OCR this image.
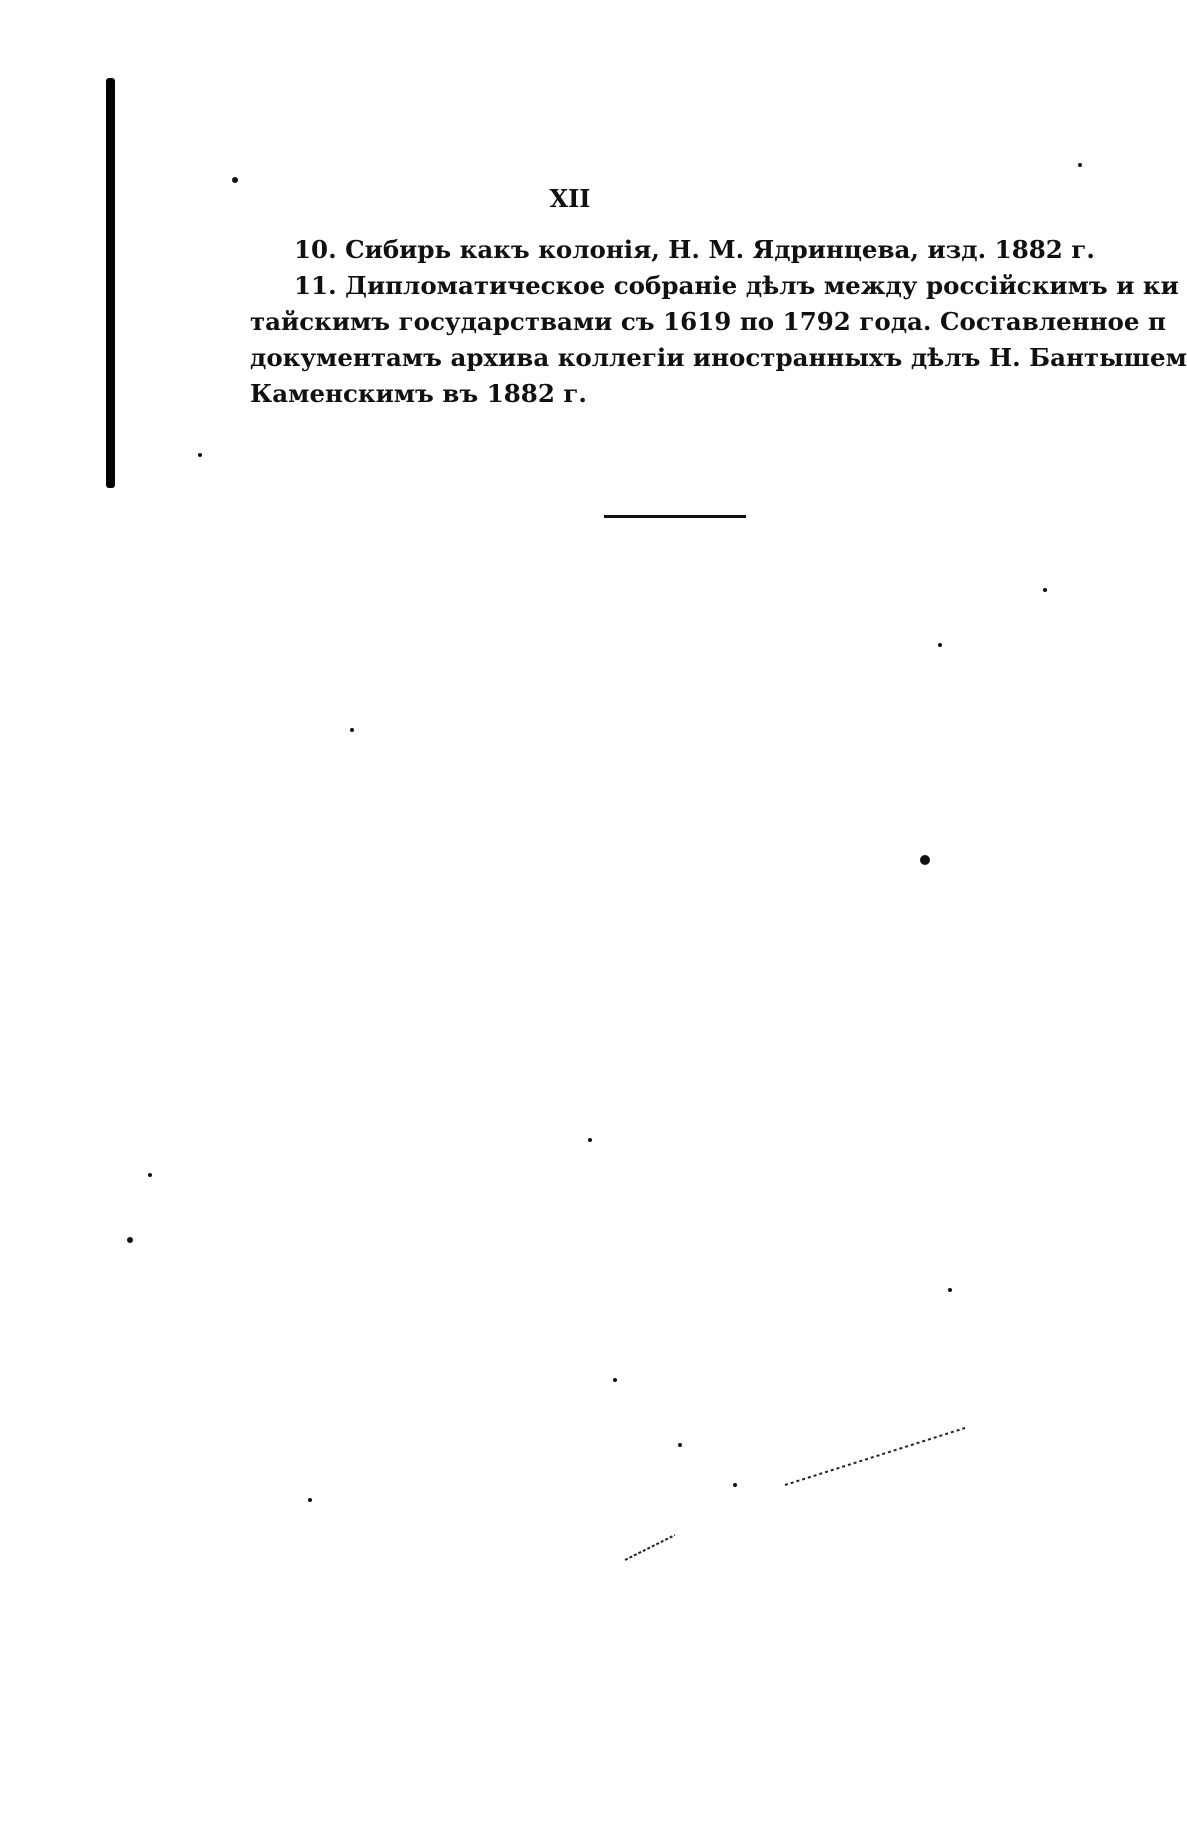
XII
10. Сибирь какъ колонія, Н. М. Ядринцева, изд. 1882 г.
11. Дипломатическое собраніе дѣлъ между россійскимъ и ки
тайскимъ государствами съ 1619 по 1792 года. Составленное п
документамъ архива коллегіи иностранныхъ дѣлъ Н. Бантышем
Каменскимъ въ 1882 г.
